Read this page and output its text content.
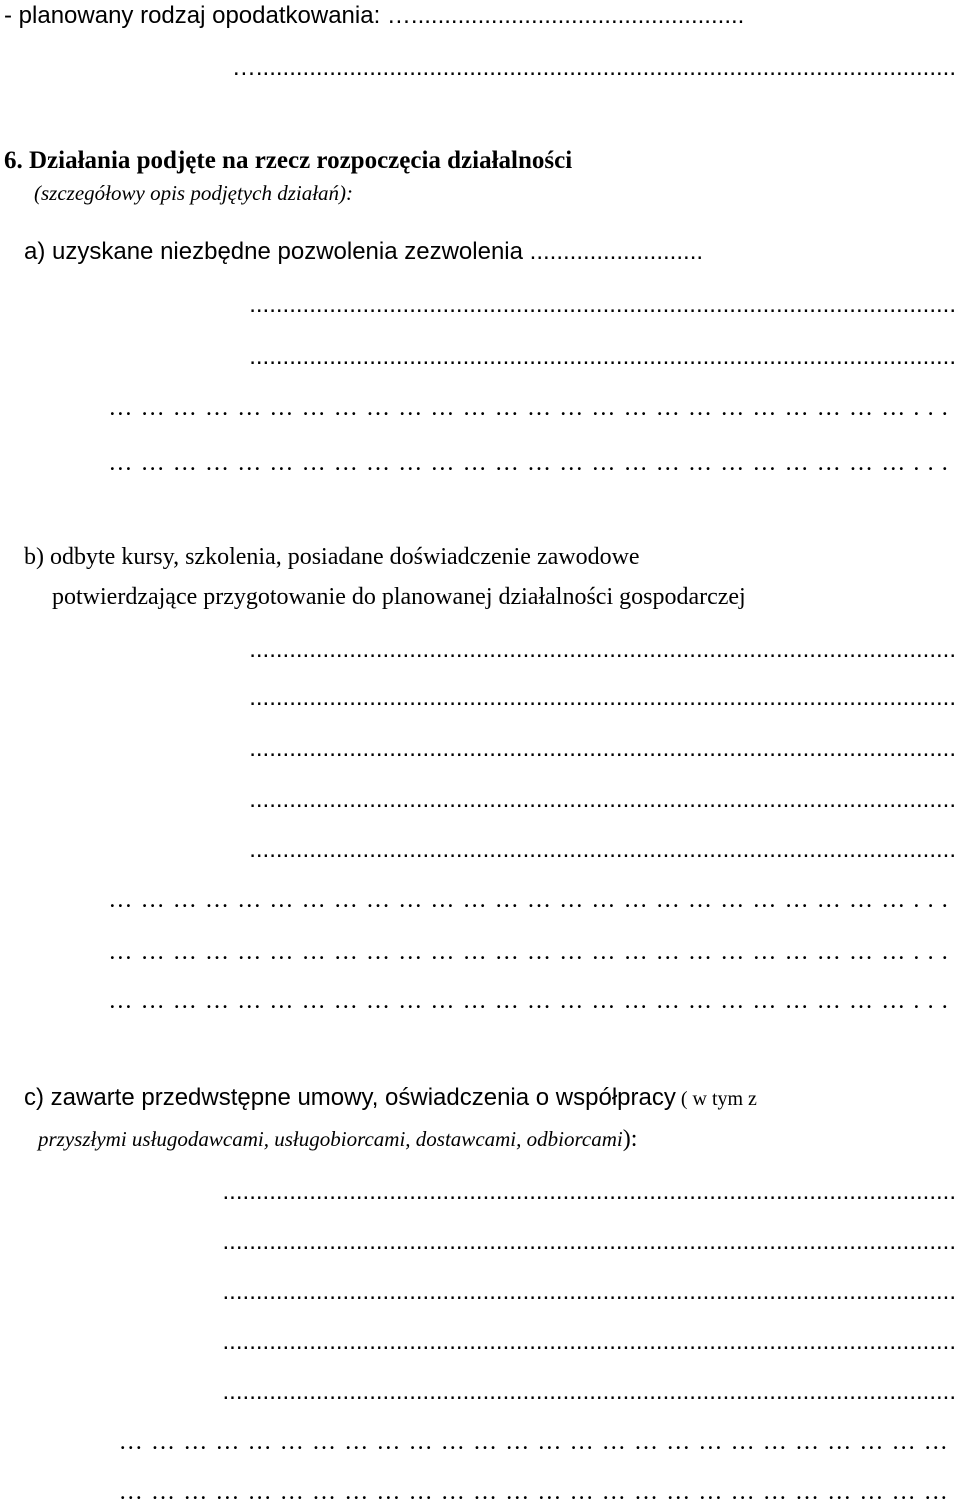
- planowany rodzaj opodatkowania: …..................................................
….........................................................................................................
6. Działania podjęte na rzecz rozpoczęcia działalności
(szczegółowy opis podjętych działań):
a) uzyskane niezbędne pozwolenia zezwolenia ..........................
..........................................................................................................
..........................................................................................................
…………………………………………………………………...
…………………………………………………………………...
b) odbyte kursy, szkolenia, posiadane doświadczenie zawodowe
potwierdzające przygotowanie do planowanej działalności gospodarczej
..........................................................................................................
..........................................................................................................
..........................................................................................................
..........................................................................................................
..........................................................................................................
…………………………………………………………………...
…………………………………………………………………...
…………………………………………………………………...
c) zawarte przedwstępne umowy, oświadczenia o współpracy ( w tym z
przyszłymi usługodawcami, usługobiorcami, dostawcami, odbiorcami):
..............................................................................................................
..............................................................................................................
..............................................................................................................
..............................................................................................................
..............................................................................................................
……………………………………………………………………
……………………………………………………………………
